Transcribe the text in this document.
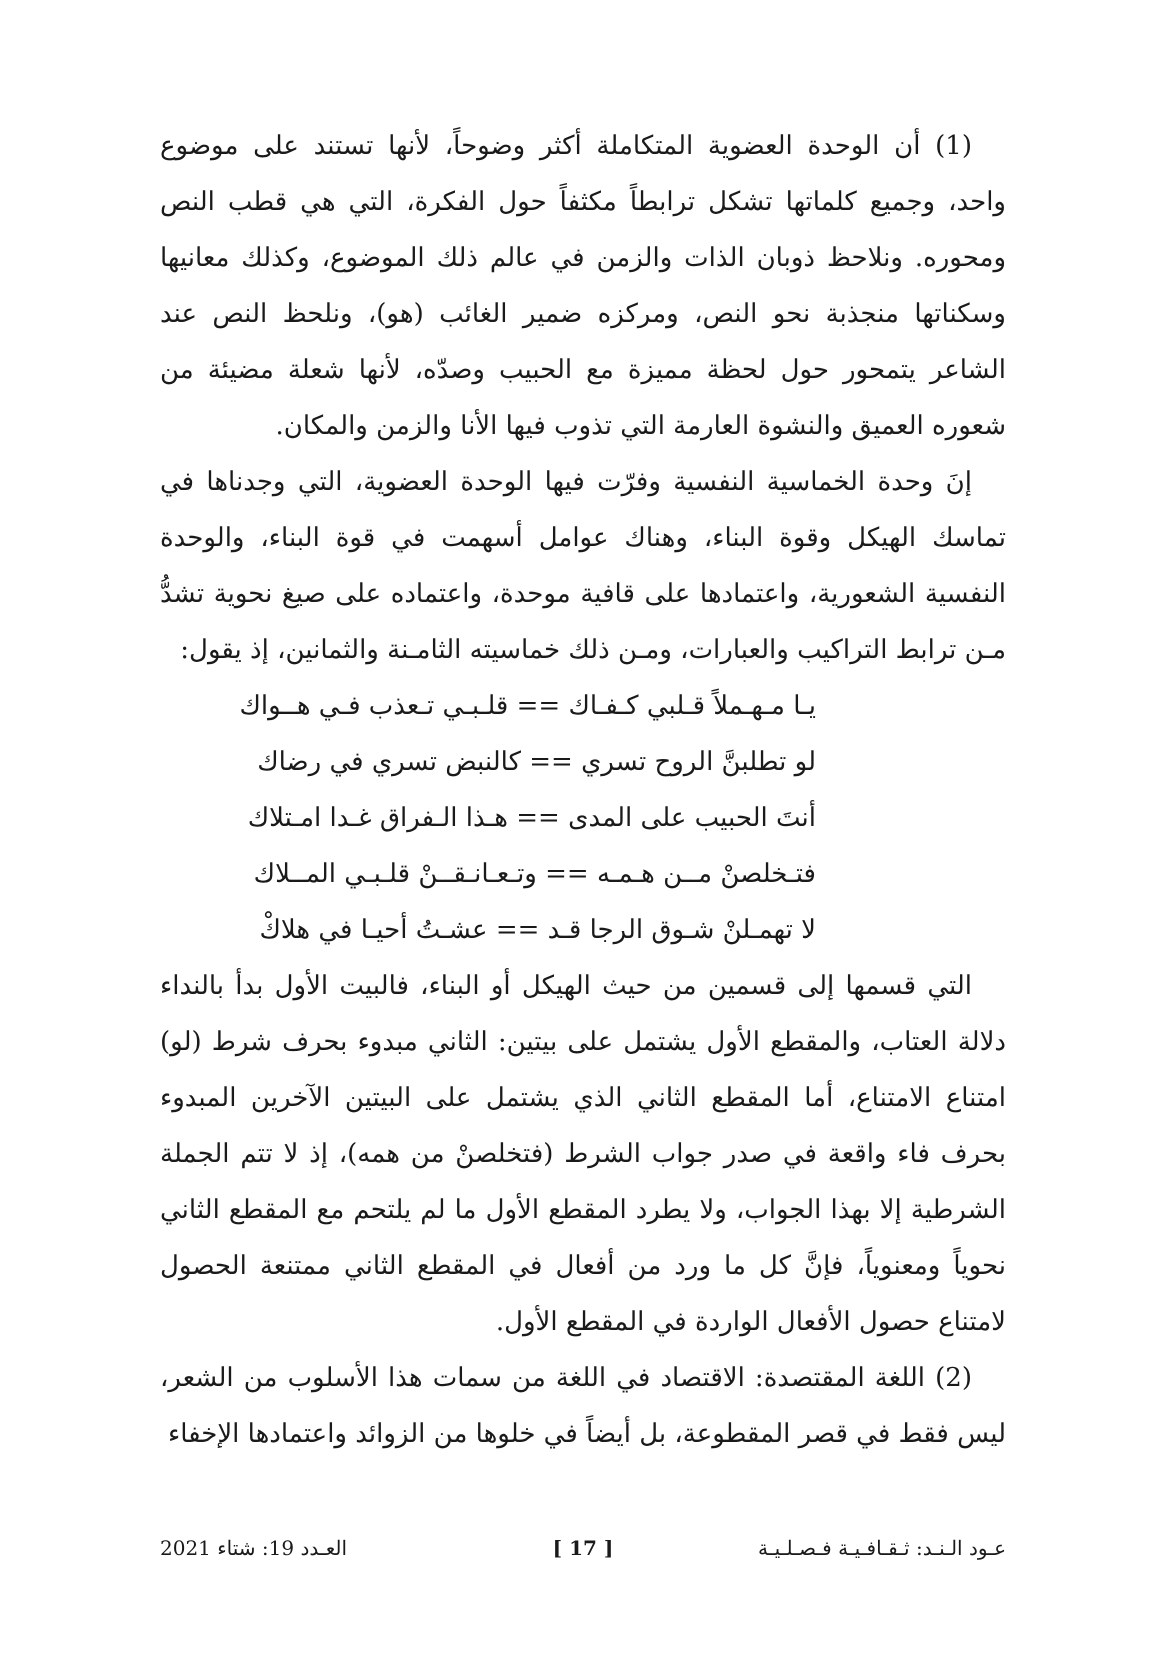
(1) أن الوحدة العضوية المتكاملة أكثر وضوحاً، لأنها تستند على موضوع واحد، وجميع كلماتها تشكل ترابطاً مكثفاً حول الفكرة، التي هي قطب النص ومحوره. ونلاحظ ذوبان الذات والزمن في عالم ذلك الموضوع، وكذلك معانيها وسكناتها منجذبة نحو النص، ومركزه ضمير الغائب (هو)، ونلحظ النص عند الشاعر يتمحور حول لحظة مميزة مع الحبيب وصدّه، لأنها شعلة مضيئة من شعوره العميق والنشوة العارمة التي تذوب فيها الأنا والزمن والمكان.

إنَ وحدة الخماسية النفسية وفرّت فيها الوحدة العضوية، التي وجدناها في تماسك الهيكل وقوة البناء، وهناك عوامل أسهمت في قوة البناء، والوحدة النفسية الشعورية، واعتمادها على قافية موحدة، واعتماده على صيغ نحوية تشدُّ مـن ترابط التراكيب والعبارات، ومـن ذلك خماسيته الثامـنة والثمانين، إذ يقول:

يـا مـهـملاً قـلبي كـفـاك == قلـبـي تـعذب فـي هــواك
لو تطلبنَّ الروح تسري == كالنبض تسري في رضاك
أنتَ الحبيب على المدى == هـذا الـفراق غـدا امـتلاك
فتـخلصنْ مــن هـمـه == وتـعـانـقــنْ قلـبـي المــلاك
لا تهمـلنْ شـوق الرجا قـد == عشـتُ أحيـا في هلاكْ

التي قسمها إلى قسمين من حيث الهيكل أو البناء، فالبيت الأول بدأ بالنداء دلالة العتاب، والمقطع الأول يشتمل على بيتين: الثاني مبدوء بحرف شرط (لو) امتناع الامتناع، أما المقطع الثاني الذي يشتمل على البيتين الآخرين المبدوء بحرف فاء واقعة في صدر جواب الشرط (فتخلصنْ من همه)، إذ لا تتم الجملة الشرطية إلا بهذا الجواب، ولا يطرد المقطع الأول ما لم يلتحم مع المقطع الثاني نحوياً ومعنوياً، فإنَّ كل ما ورد من أفعال في المقطع الثاني ممتنعة الحصول لامتناع حصول الأفعال الواردة في المقطع الأول.

(2) اللغة المقتصدة: الاقتصاد في اللغة من سمات هذا الأسلوب من الشعر، ليس فقط في قصر المقطوعة، بل أيضاً في خلوها من الزوائد واعتمادها الإخفاء

عـود الـنـد: ثـقـافـيـة فـصـلـيـة
[ 17 ]
العـدد 19: شتاء 2021
